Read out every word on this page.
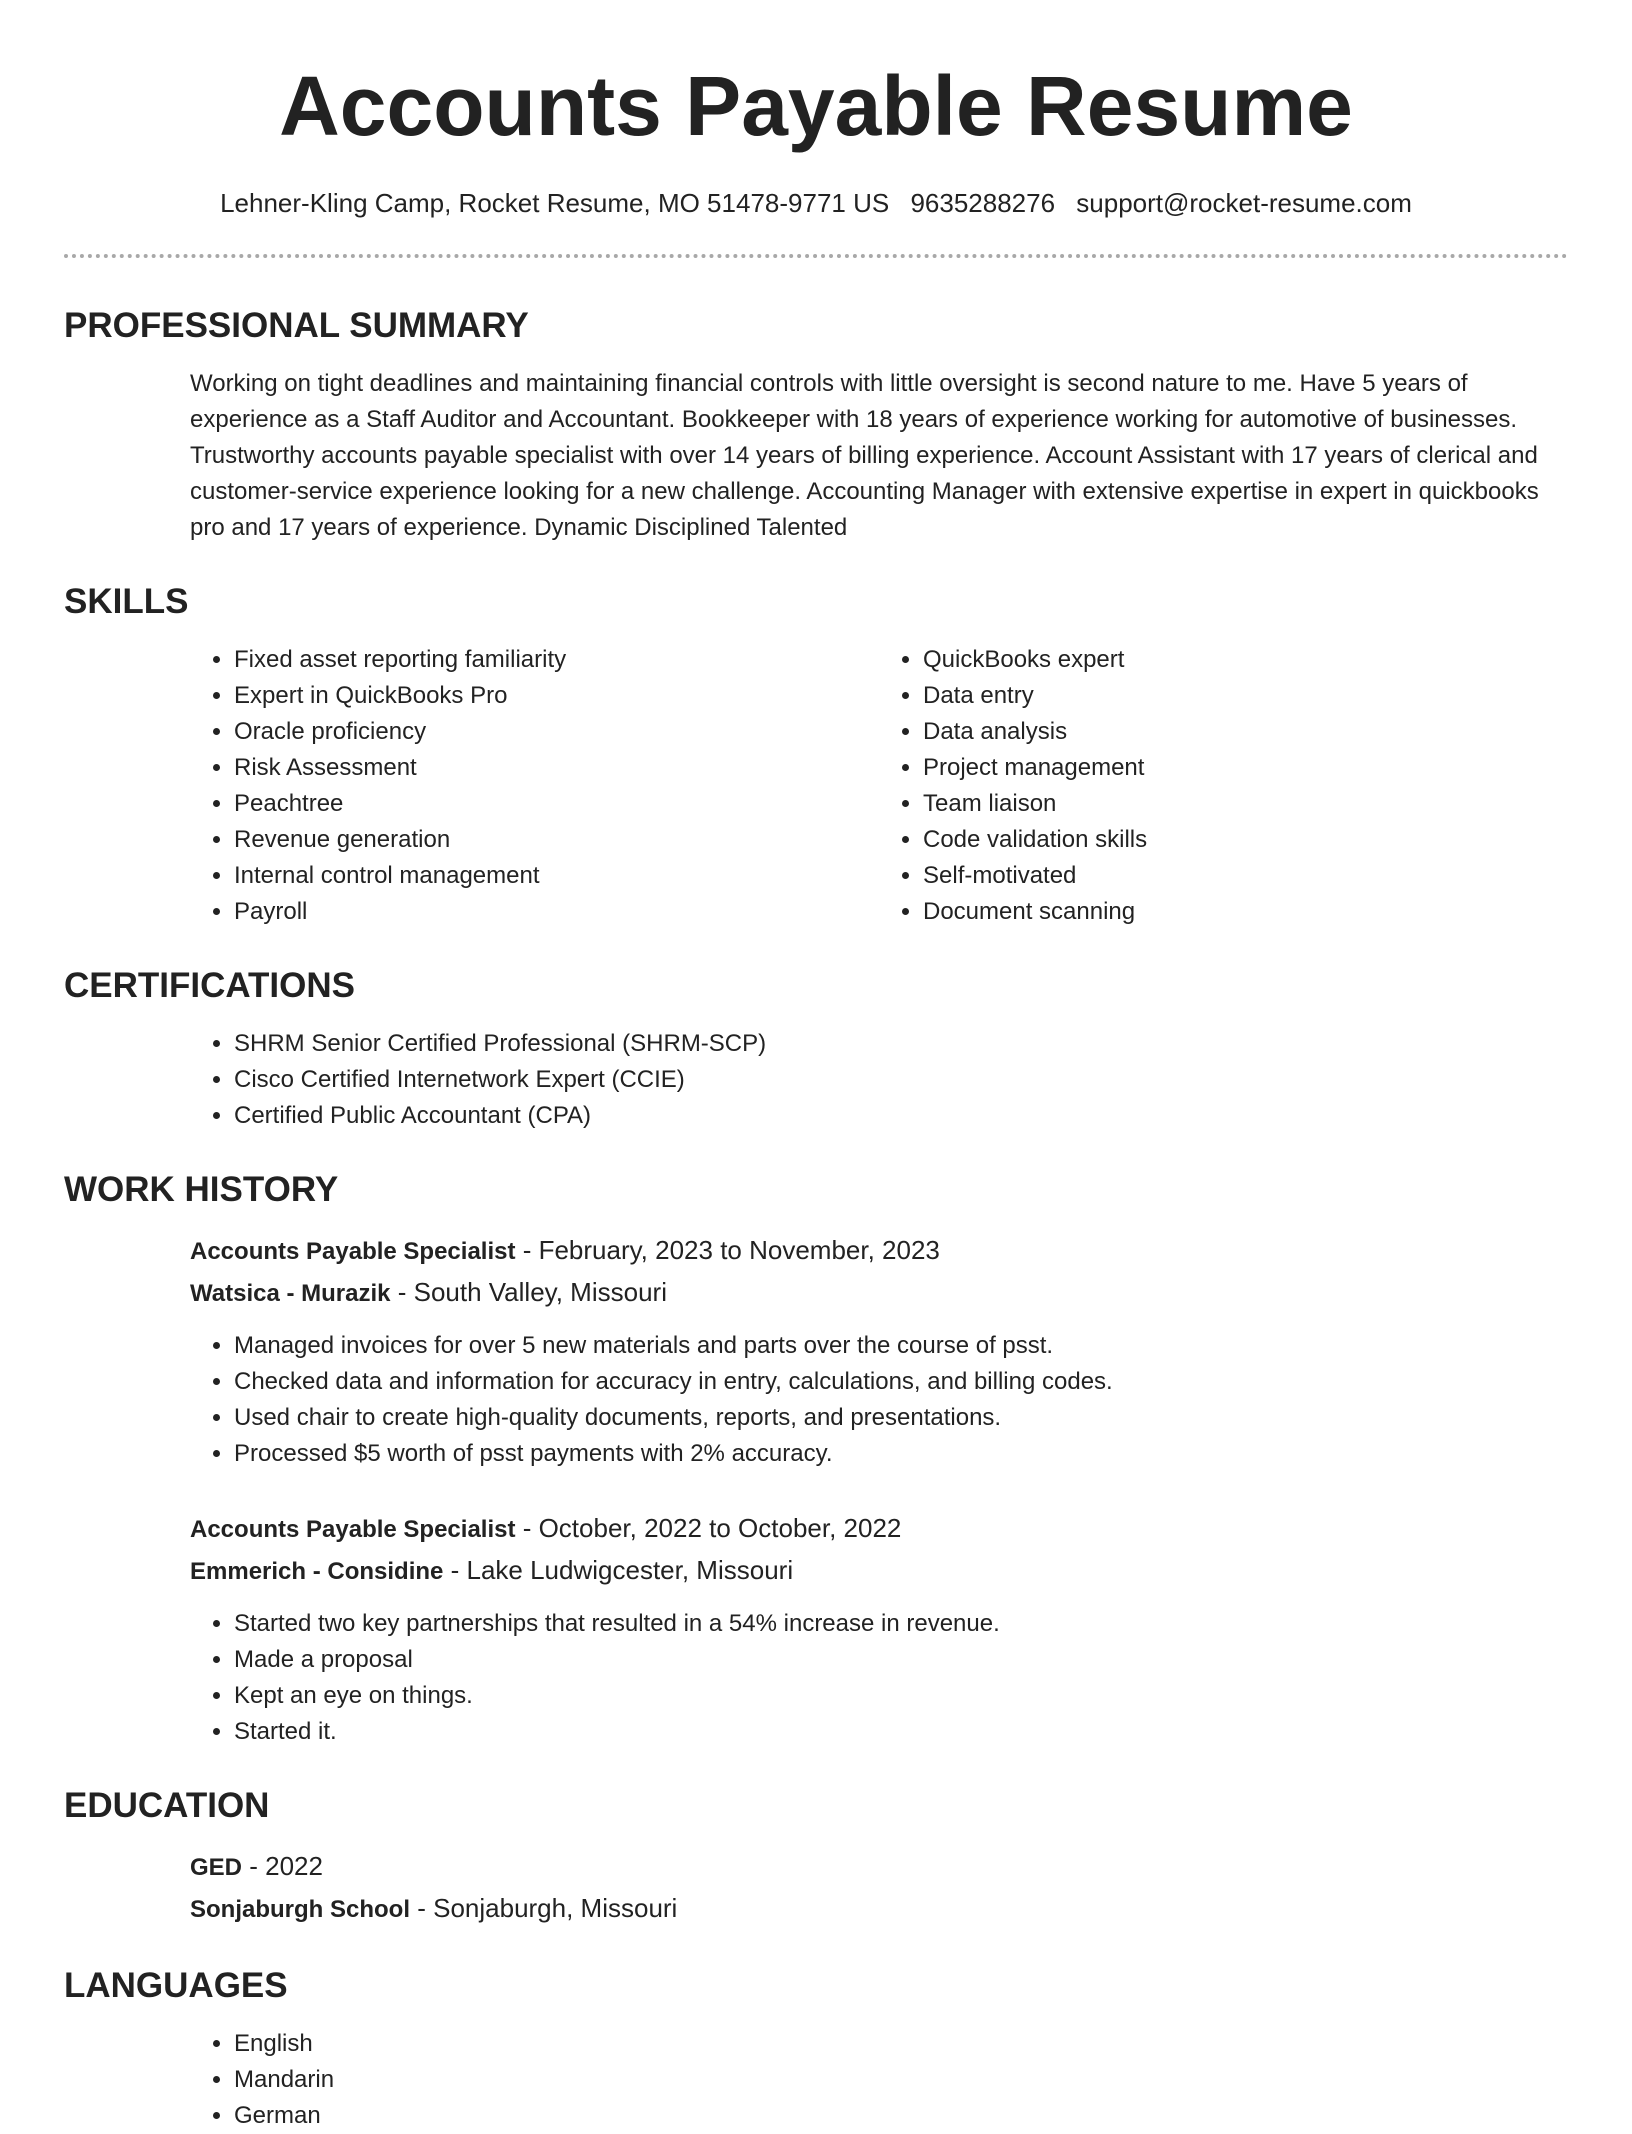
Accounts Payable Resume
Lehner-Kling Camp, Rocket Resume, MO 51478-9771 US 9635288276 support@rocket-resume.com
PROFESSIONAL SUMMARY
Working on tight deadlines and maintaining financial controls with little oversight is second nature to me. Have 5 years of experience as a Staff Auditor and Accountant. Bookkeeper with 18 years of experience working for automotive of businesses. Trustworthy accounts payable specialist with over 14 years of billing experience. Account Assistant with 17 years of clerical and customer-service experience looking for a new challenge. Accounting Manager with extensive expertise in expert in quickbooks pro and 17 years of experience. Dynamic Disciplined Talented
SKILLS
• Fixed asset reporting familiarity
• Expert in QuickBooks Pro
• Oracle proficiency
• Risk Assessment
• Peachtree
• Revenue generation
• Internal control management
• Payroll
• QuickBooks expert
• Data entry
• Data analysis
• Project management
• Team liaison
• Code validation skills
• Self-motivated
• Document scanning
CERTIFICATIONS
• SHRM Senior Certified Professional (SHRM-SCP)
• Cisco Certified Internetwork Expert (CCIE)
• Certified Public Accountant (CPA)
WORK HISTORY
Accounts Payable Specialist - February, 2023 to November, 2023
Watsica - Murazik - South Valley, Missouri
• Managed invoices for over 5 new materials and parts over the course of psst.
• Checked data and information for accuracy in entry, calculations, and billing codes.
• Used chair to create high-quality documents, reports, and presentations.
• Processed $5 worth of psst payments with 2% accuracy.
Accounts Payable Specialist - October, 2022 to October, 2022
Emmerich - Considine - Lake Ludwigcester, Missouri
• Started two key partnerships that resulted in a 54% increase in revenue.
• Made a proposal
• Kept an eye on things.
• Started it.
EDUCATION
GED - 2022
Sonjaburgh School - Sonjaburgh, Missouri
LANGUAGES
• English
• Mandarin
• German
